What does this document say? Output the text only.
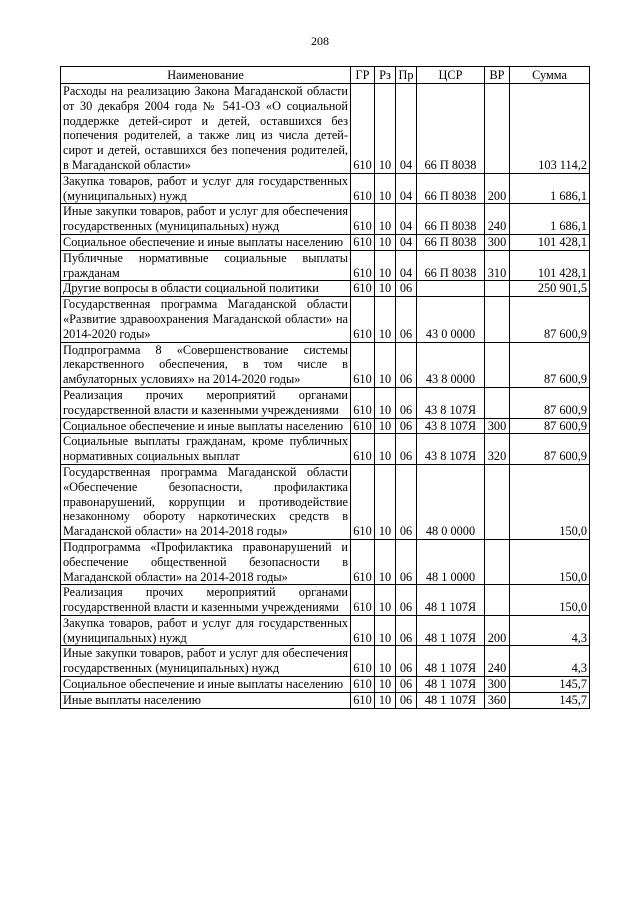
208
Наименование	ГР	Рз	Пр	ЦСР	ВР	Сумма
Расходы на реализацию Закона Магаданской области от 30 декабря 2004 года № 541-ОЗ «О социальной поддержке детей-сирот и детей, оставшихся без попечения родителей, а также лиц из числа детей-сирот и детей, оставшихся без попечения родителей, в Магаданской области»	610	10	04	66 П 8038		103 114,2
Закупка товаров, работ и услуг для государственных (муниципальных) нужд	610	10	04	66 П 8038	200	1 686,1
Иные закупки товаров, работ и услуг для обеспечения государственных (муниципальных) нужд	610	10	04	66 П 8038	240	1 686,1
Социальное обеспечение и иные выплаты населению	610	10	04	66 П 8038	300	101 428,1
Публичные нормативные социальные выплаты гражданам	610	10	04	66 П 8038	310	101 428,1
Другие вопросы в области социальной политики	610	10	06			250 901,5
Государственная программа Магаданской области «Развитие здравоохранения Магаданской области» на 2014-2020 годы»	610	10	06	43 0 0000		87 600,9
Подпрограмма 8 «Совершенствование системы лекарственного обеспечения, в том числе в амбулаторных условиях» на 2014-2020 годы»	610	10	06	43 8 0000		87 600,9
Реализация прочих мероприятий органами государственной власти и казенными учреждениями	610	10	06	43 8 107Я		87 600,9
Социальное обеспечение и иные выплаты населению	610	10	06	43 8 107Я	300	87 600,9
Социальные выплаты гражданам, кроме публичных нормативных социальных выплат	610	10	06	43 8 107Я	320	87 600,9
Государственная программа Магаданской области «Обеспечение безопасности, профилактика правонарушений, коррупции и противодействие незаконному обороту наркотических средств в Магаданской области» на 2014-2018 годы»	610	10	06	48 0 0000		150,0
Подпрограмма «Профилактика правонарушений и обеспечение общественной безопасности в Магаданской области» на 2014-2018 годы»	610	10	06	48 1 0000		150,0
Реализация прочих мероприятий органами государственной власти и казенными учреждениями	610	10	06	48 1 107Я		150,0
Закупка товаров, работ и услуг для государственных (муниципальных) нужд	610	10	06	48 1 107Я	200	4,3
Иные закупки товаров, работ и услуг для обеспечения государственных (муниципальных) нужд	610	10	06	48 1 107Я	240	4,3
Социальное обеспечение и иные выплаты населению	610	10	06	48 1 107Я	300	145,7
Иные выплаты населению	610	10	06	48 1 107Я	360	145,7
